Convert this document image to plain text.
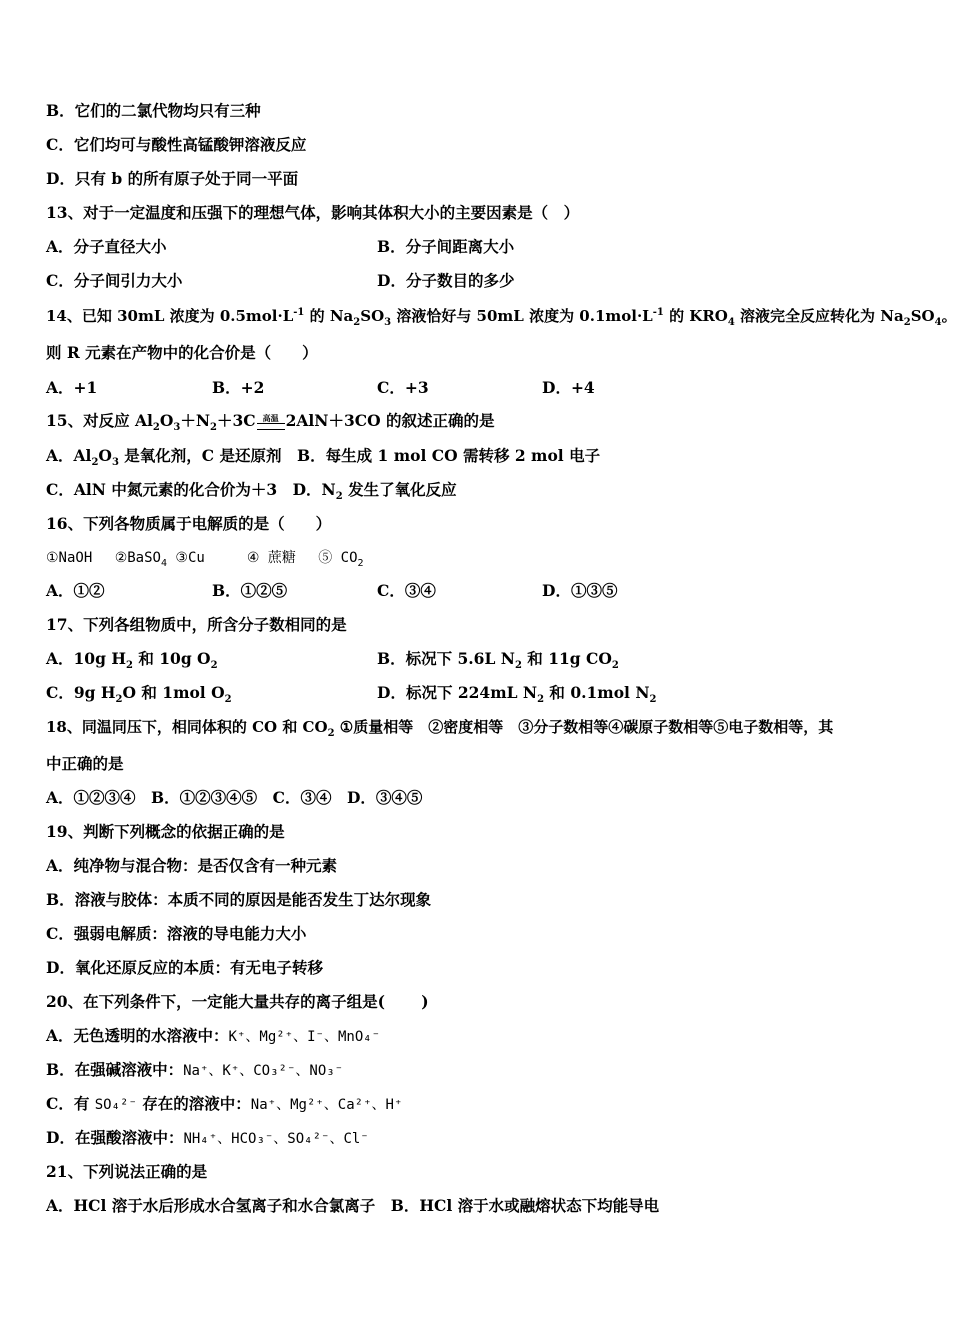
B．它们的二氯代物均只有三种
C．它们均可与酸性高锰酸钾溶液反应
D．只有 b 的所有原子处于同一平面
13、对于一定温度和压强下的理想气体，影响其体积大小的主要因素是（　）
A．分子直径大小	B．分子间距离大小
C．分子间引力大小	D．分子数目的多少
14、已知 30mL 浓度为 $0.5mol\cdot L^{-1}$ 的 $Na_2SO_3$ 溶液恰好与 50mL 浓度为 $0.1mol\cdot L^{-1}$ 的 $KRO_4$ 溶液完全反应转化为 $Na_2SO_4$。
则 R 元素在产物中的化合价是（　　）
A．+1	B．+2	C．+3	D．+4
15、对反应 $Al_2O_3+N_2+3C$ 高温 2AlN＋3CO 的叙述正确的是
A．$Al_2O_3$ 是氧化剂，C 是还原剂　B．每生成 1 mol CO 需转移 2 mol 电子
C．AlN 中氮元素的化合价为＋3　D．$N_2$ 发生了氧化反应
16、下列各物质属于电解质的是（　　）
①NaOH　 ②BaSO$_4$ ③Cu　　　④ 蔗糖　 ⑤ $CO_2$
A．①②	B．①②⑤	C．③④	D．①③⑤
17、下列各组物质中，所含分子数相同的是
A．10g $H_2$ 和 10g $O_2$	B．标况下 5.6L $N_2$ 和 11g $CO_2$
C．9g $H_2O$ 和 1mol $O_2$	D．标况下 224mL $N_2$ 和 0.1mol $N_2$
18、同温同压下，相同体积的 CO 和 $CO_2$ ①质量相等　②密度相等　③分子数相等④碳原子数相等⑤电子数相等，其
中正确的是
A．①②③④　B．①②③④⑤　C．③④　D．③④⑤
19、判断下列概念的依据正确的是
A．纯净物与混合物：是否仅含有一种元素
B．溶液与胶体：本质不同的原因是能否发生丁达尔现象
C．强弱电解质：溶液的导电能力大小
D．氧化还原反应的本质：有无电子转移
20、在下列条件下，一定能大量共存的离子组是(　　 )
A．无色透明的水溶液中：K⁺、Mg²⁺、I⁻、MnO₄⁻
B．在强碱溶液中：Na⁺、K⁺、CO₃²⁻、NO₃⁻
C．有 SO₄²⁻ 存在的溶液中：Na⁺、Mg²⁺、Ca²⁺、H⁺
D．在强酸溶液中：NH₄⁺、HCO₃⁻、SO₄²⁻、Cl⁻
21、下列说法正确的是
A．HCl 溶于水后形成水合氢离子和水合氯离子　B．HCl 溶于水或融熔状态下均能导电
